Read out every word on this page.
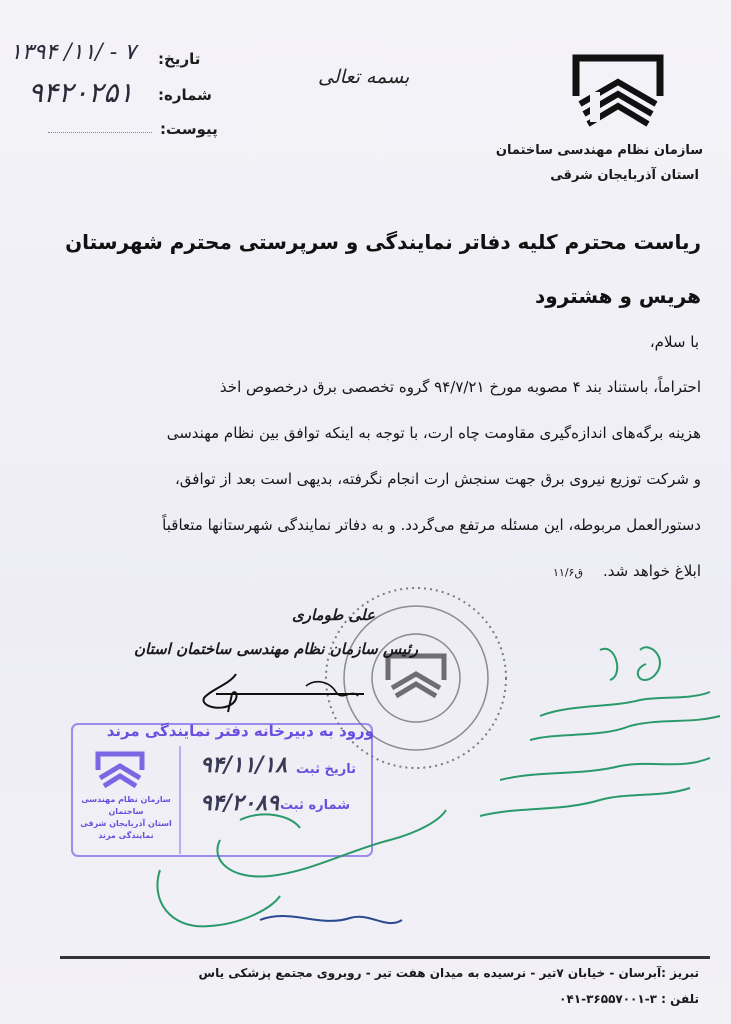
تاریخ:
شماره:
پیوست:
۱۳۹۴ /۱۱/ - ۷
۹۴۲۰۲۵۱	بسمه تعالی
سازمان نظام مهندسی ساختمان
استان آذربایجان شرقی
ریاست محترم کلیه دفاتر نمایندگی و سرپرستی محترم شهرستان
هریس و هشترود
با سلام،
احتراماً، باستناد بند ۴ مصوبه مورخ ۹۴/۷/۲۱ گروه تخصصی برق درخصوص اخذ
هزینه برگه‌های اندازه‌گیری مقاومت چاه ارت، با توجه به اینکه توافق بین نظام مهندسی
و شرکت توزیع نیروی برق جهت سنجش ارت انجام نگرفته، بدیهی است بعد از توافق،
دستورالعمل مربوطه، این مسئله مرتفع می‌گردد. و به دفاتر نمایندگی شهرستانها متعاقباً
ابلاغ خواهد شد.
ق۱۱/۶
علی طوماری
رئیس سازمان نظام مهندسی ساختمان استان
ورود به دبیرخانه دفتر نمایندگی مرند
تاریخ ثبت
شماره ثبت
سازمان نظام مهندسی ساختمان
استان آذربایجان شرقی
نمایندگی مرند
۹۴/۱۱/۱۸
۹۴/۲۰۸۹
تبریز :آبرسان - خیابان ۷تیر - نرسیده به میدان هفت تیر - روبروی مجتمع پزشکی یاس
تلفن : ۳-۳۶۵۵۷۰۰۱-۰۴۱
